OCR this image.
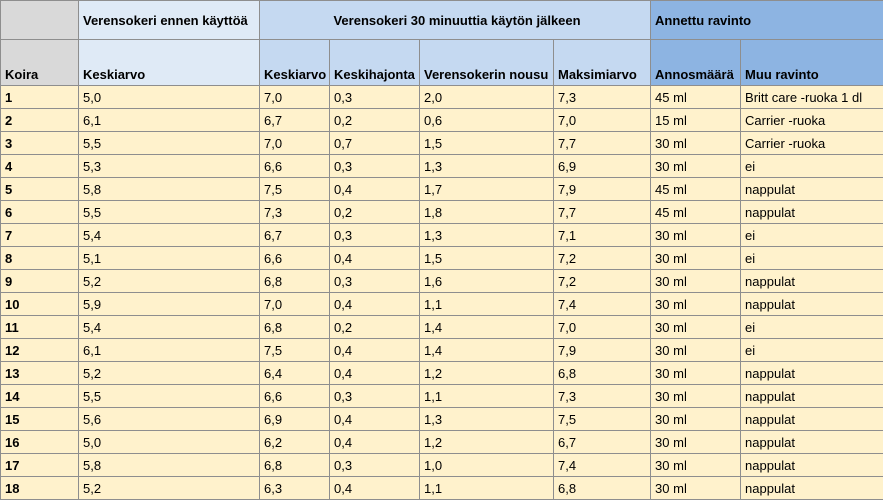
	Verensokeri ennen käyttöä	Verensokeri 30 minuuttia käytön jälkeen				Annettu ravinto	
Koira	Keskiarvo	Keskiarvo	Keskihajonta	Verensokerin nousu	Maksimiarvo	Annosmäärä	Muu ravinto
1	5,0	7,0	0,3	2,0	7,3	45 ml	Britt care -ruoka 1 dl
2	6,1	6,7	0,2	0,6	7,0	15 ml	Carrier -ruoka
3	5,5	7,0	0,7	1,5	7,7	30 ml	Carrier -ruoka
4	5,3	6,6	0,3	1,3	6,9	30 ml	ei
5	5,8	7,5	0,4	1,7	7,9	45 ml	nappulat
6	5,5	7,3	0,2	1,8	7,7	45 ml	nappulat
7	5,4	6,7	0,3	1,3	7,1	30 ml	ei
8	5,1	6,6	0,4	1,5	7,2	30 ml	ei
9	5,2	6,8	0,3	1,6	7,2	30 ml	nappulat
10	5,9	7,0	0,4	1,1	7,4	30 ml	nappulat
11	5,4	6,8	0,2	1,4	7,0	30 ml	ei
12	6,1	7,5	0,4	1,4	7,9	30 ml	ei
13	5,2	6,4	0,4	1,2	6,8	30 ml	nappulat
14	5,5	6,6	0,3	1,1	7,3	30 ml	nappulat
15	5,6	6,9	0,4	1,3	7,5	30 ml	nappulat
16	5,0	6,2	0,4	1,2	6,7	30 ml	nappulat
17	5,8	6,8	0,3	1,0	7,4	30 ml	nappulat
18	5,2	6,3	0,4	1,1	6,8	30 ml	nappulat
